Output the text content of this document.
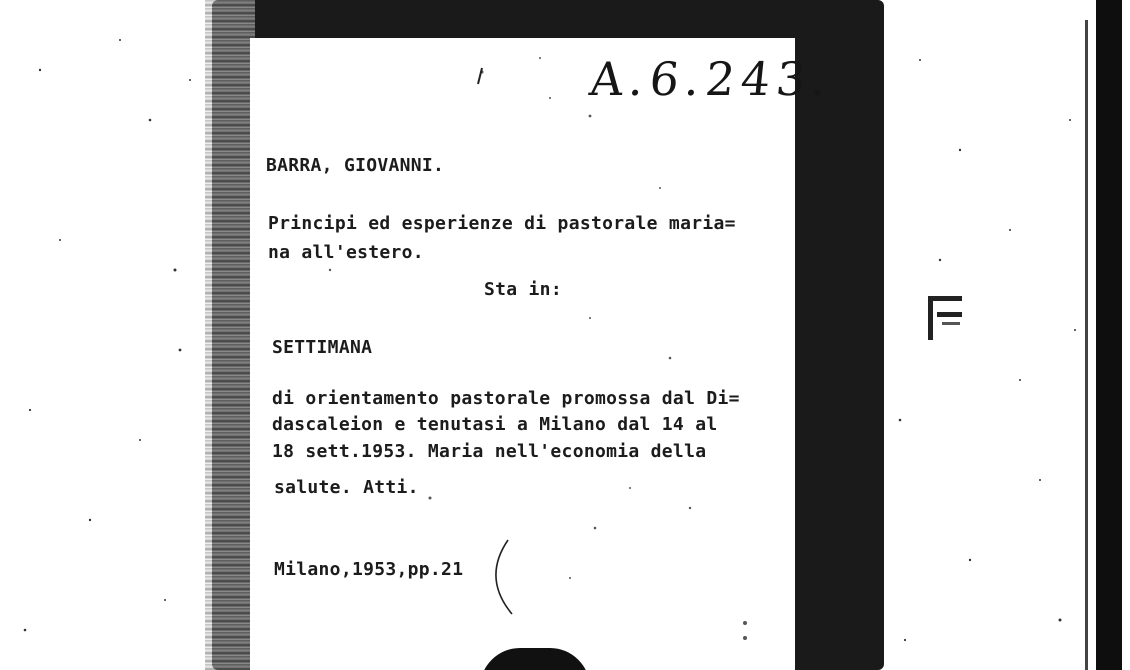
A.6.243.
BARRA, GIOVANNI.
Principi ed esperienze di pastorale maria=
na all'estero.
Sta in:
SETTIMANA
di orientamento pastorale promossa dal Di=
dascaleion e tenutasi a Milano dal 14 al
18 sett.1953. Maria nell'economia della
salute. Atti.
Milano,1953,pp.21
